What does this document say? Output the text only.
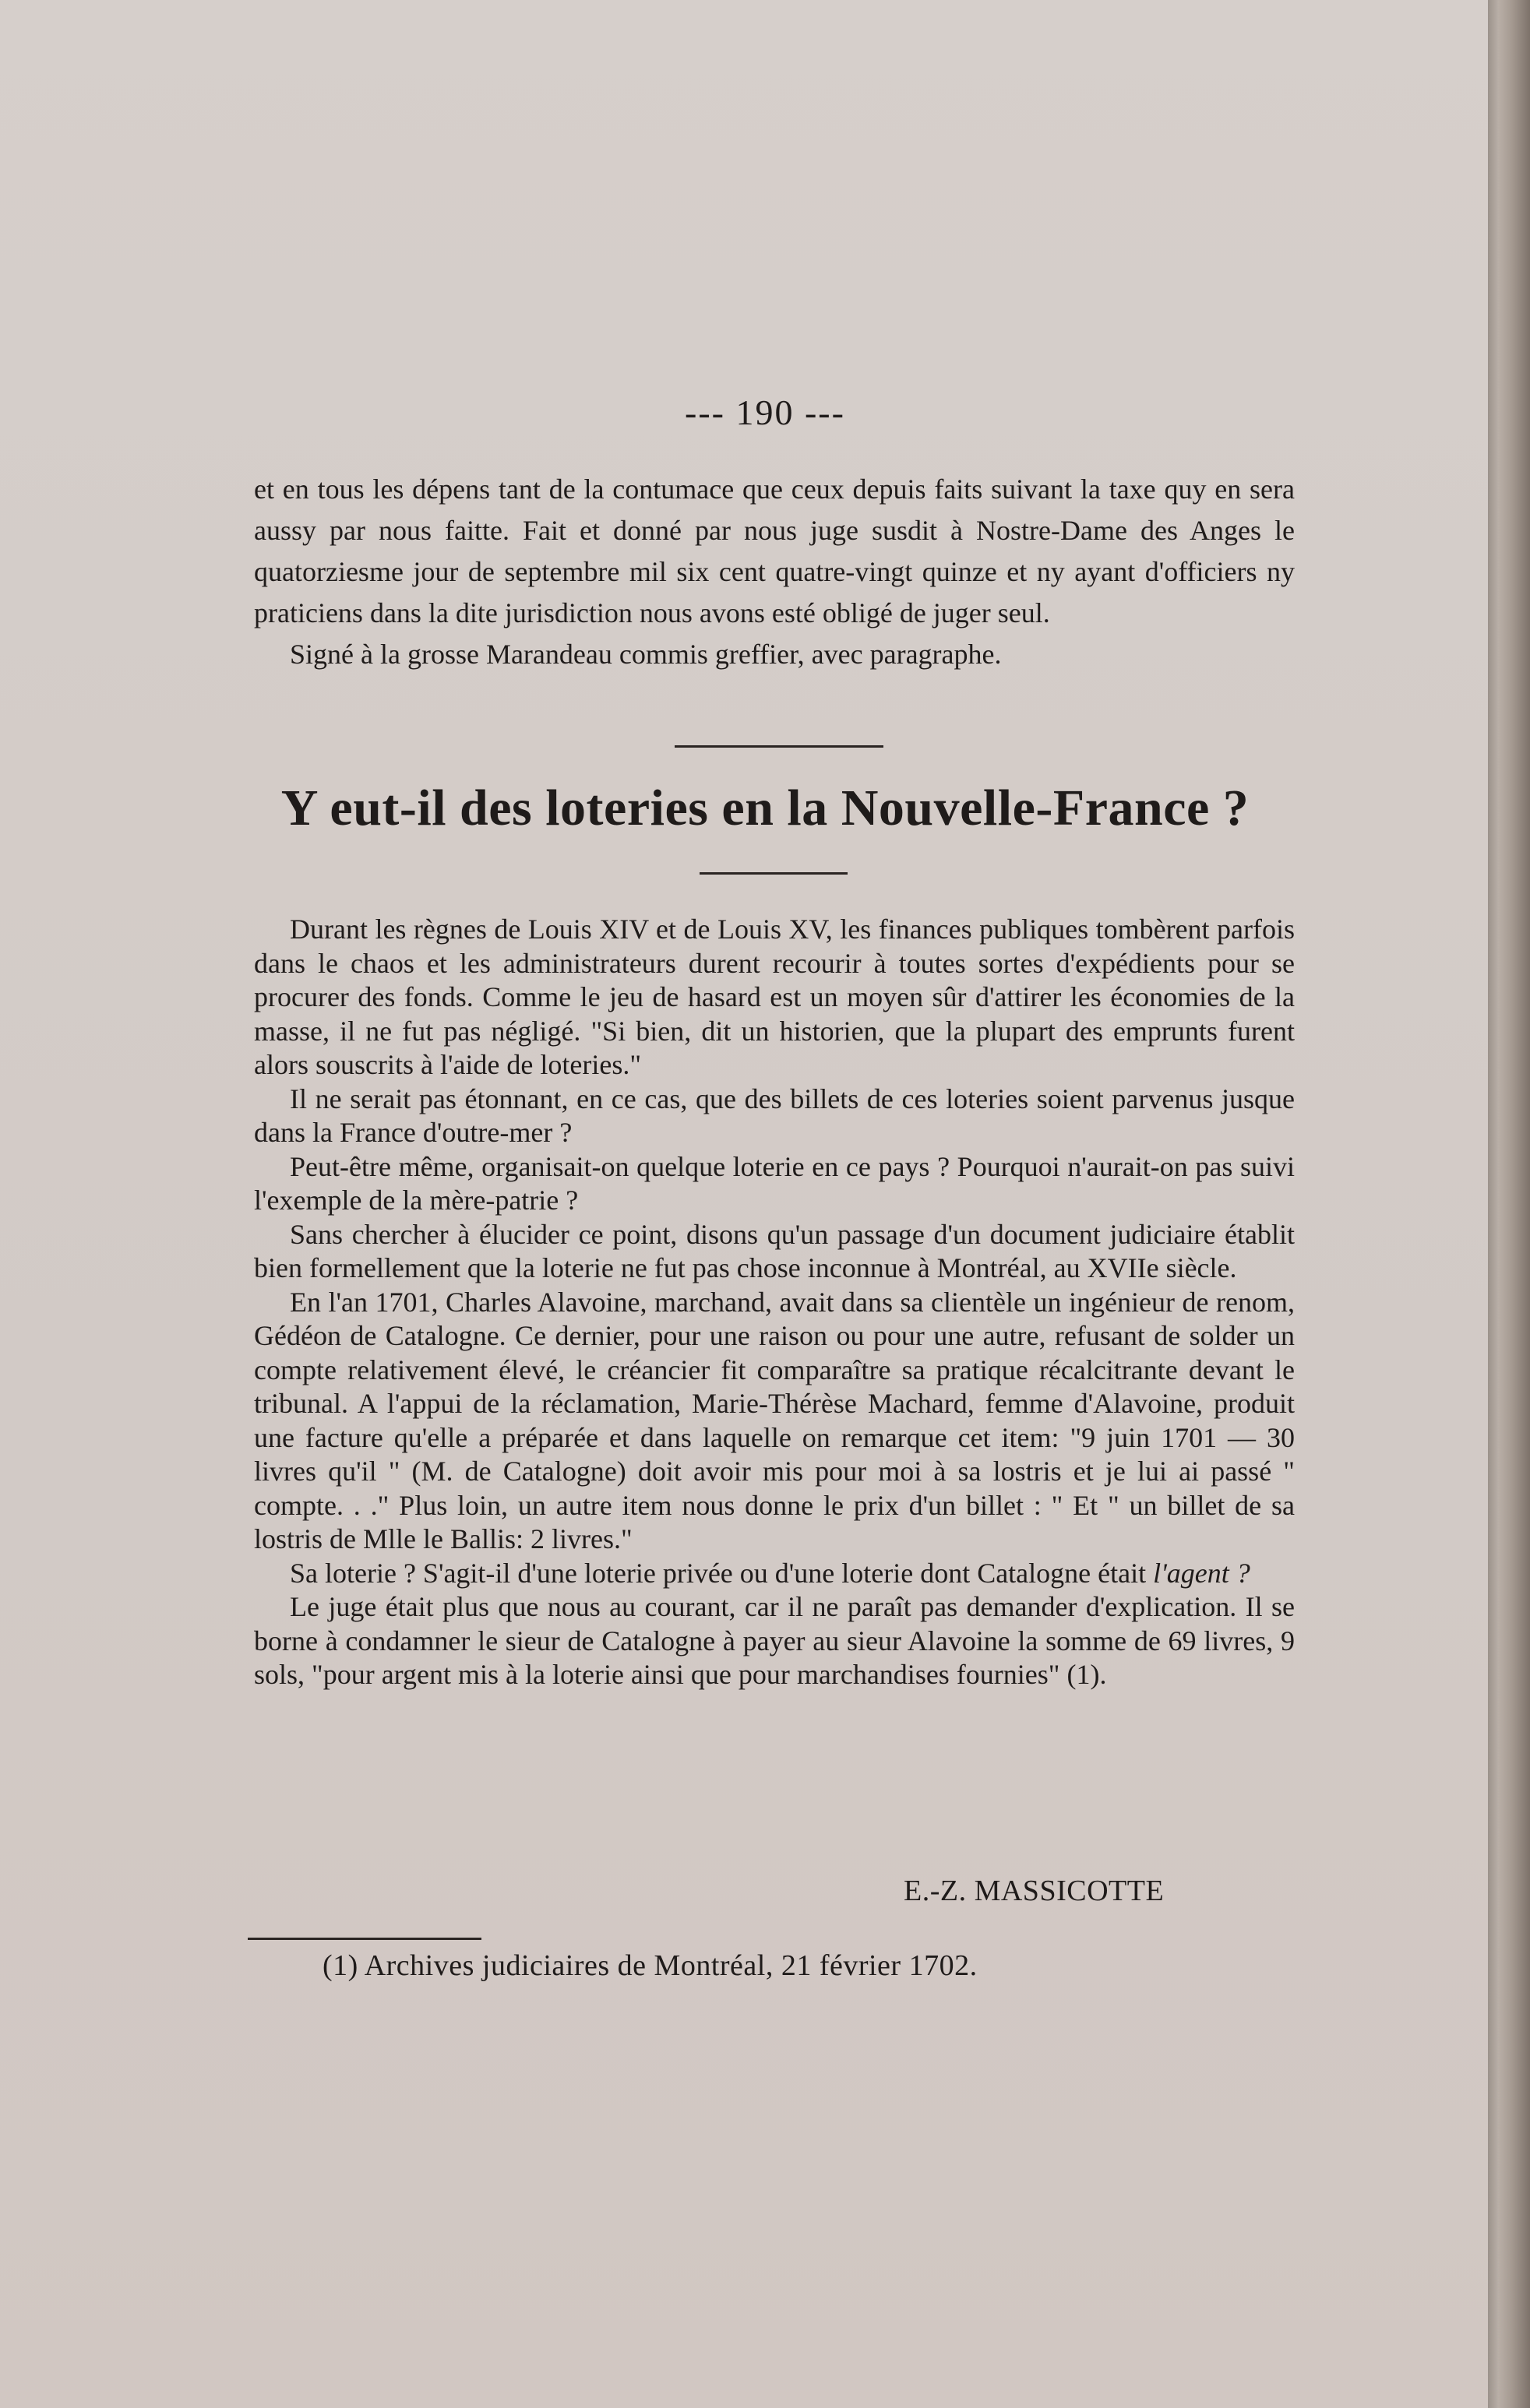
--- 190 ---

et en tous les dépens tant de la contumace que ceux depuis faits suivant la taxe quy en sera aussy par nous faitte. Fait et donné par nous juge susdit à Nostre-Dame des Anges le quatorziesme jour de septembre mil six cent quatre-vingt quinze et ny ayant d'officiers ny praticiens dans la dite jurisdiction nous avons esté obligé de juger seul.

Signé à la grosse Marandeau commis greffier, avec paragraphe.

Y eut-il des loteries en la Nouvelle-France ?

Durant les règnes de Louis XIV et de Louis XV, les finances publiques tombèrent parfois dans le chaos et les administrateurs durent recourir à toutes sortes d'expédients pour se procurer des fonds. Comme le jeu de hasard est un moyen sûr d'attirer les économies de la masse, il ne fut pas négligé. "Si bien, dit un historien, que la plupart des emprunts furent alors souscrits à l'aide de loteries."

Il ne serait pas étonnant, en ce cas, que des billets de ces loteries soient parvenus jusque dans la France d'outre-mer ?

Peut-être même, organisait-on quelque loterie en ce pays ? Pourquoi n'aurait-on pas suivi l'exemple de la mère-patrie ?

Sans chercher à élucider ce point, disons qu'un passage d'un document judiciaire établit bien formellement que la loterie ne fut pas chose inconnue à Montréal, au XVIIe siècle.

En l'an 1701, Charles Alavoine, marchand, avait dans sa clientèle un ingénieur de renom, Gédéon de Catalogne. Ce dernier, pour une raison ou pour une autre, refusant de solder un compte relativement élevé, le créancier fit comparaître sa pratique récalcitrante devant le tribunal. A l'appui de la réclamation, Marie-Thérèse Machard, femme d'Alavoine, produit une facture qu'elle a préparée et dans laquelle on remarque cet item: "9 juin 1701 — 30 livres qu'il " (M. de Catalogne) doit avoir mis pour moi à sa lostris et je lui ai passé " compte. . ." Plus loin, un autre item nous donne le prix d'un billet : " Et " un billet de sa lostris de Mlle le Ballis: 2 livres."

Sa loterie ? S'agit-il d'une loterie privée ou d'une loterie dont Catalogne était l'agent ?

Le juge était plus que nous au courant, car il ne paraît pas demander d'explication. Il se borne à condamner le sieur de Catalogne à payer au sieur Alavoine la somme de 69 livres, 9 sols, "pour argent mis à la loterie ainsi que pour marchandises fournies" (1).

E.-Z. MASSICOTTE
(1) Archives judiciaires de Montréal, 21 février 1702.
